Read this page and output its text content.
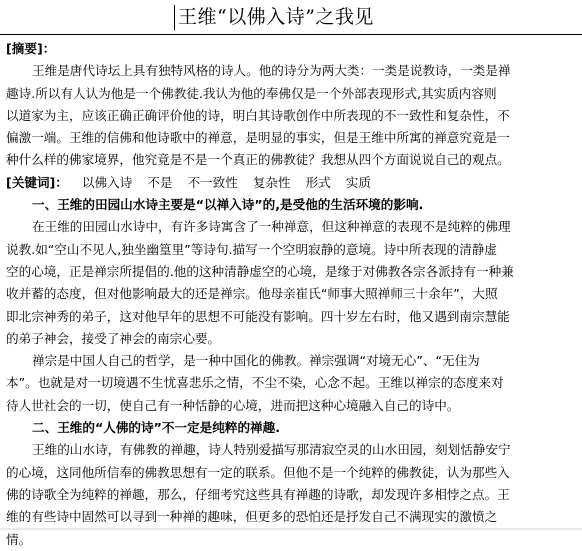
王维“以佛入诗”之我见
[摘要]：
王维是唐代诗坛上具有独特风格的诗人。他的诗分为两大类：一类是说教诗，一类是禅
趣诗.所以有人认为他是一个佛教徒.我认为他的奉佛仅是一个外部表现形式,其实质内容则
以道家为主，应该正确正确评价他的诗，明白其诗歌创作中所表现的不一致性和复杂性，不
偏激一端。王维的信佛和他诗歌中的禅意，是明显的事实，但是王维中所寓的禅意究竟是一
种什么样的佛家境界，他究竟是不是一个真正的佛教徒？我想从四个方面说说自己的观点。
[关键词]： 以佛入诗 不是 不一致性 复杂性 形式 实质
一、王维的田园山水诗主要是“以禅入诗”的,是受他的生活环境的影响.
在王维的田园山水诗中，有许多诗寓含了一种禅意，但这种禅意的表现不是纯粹的佛理
说教.如“空山不见人,独坐幽篁里”等诗句.描写一个空明寂静的意境。诗中所表现的清静虚
空的心境，正是禅宗所提倡的.他的这种清静虚空的心境，是缘于对佛教各宗各派持有一种兼
收并蓄的态度，但对他影响最大的还是禅宗。他母亲崔氏“师事大照禅师三十余年”，大照
即北宗神秀的弟子，这对他早年的思想不可能没有影响。四十岁左右时，他又遇到南宗慧能
的弟子神会，接受了神会的南宗心要。
禅宗是中国人自己的哲学，是一种中国化的佛教。禅宗强调“对境无心”、“无住为
本”。也就是对一切境遇不生忧喜悲乐之情，不尘不染，心念不起。王维以禅宗的态度来对
待人世社会的一切，使自己有一种恬静的心境，进而把这种心境融入自己的诗中。
二、王维的“人佛的诗”不一定是纯粹的禅趣.
王维的山水诗，有佛教的禅趣，诗人特别爱描写那清寂空灵的山水田园，刻划恬静安宁
的心境，这同他所信奉的佛教思想有一定的联系。但他不是一个纯粹的佛教徒，认为那些入
佛的诗歌全为纯粹的禅趣，那么，仔细考究这些具有禅趣的诗歌，却发现许多相悖之点。王
维的有些诗中固然可以寻到一种禅的趣味，但更多的恐怕还是抒发自己不满现实的激愤之
情。
